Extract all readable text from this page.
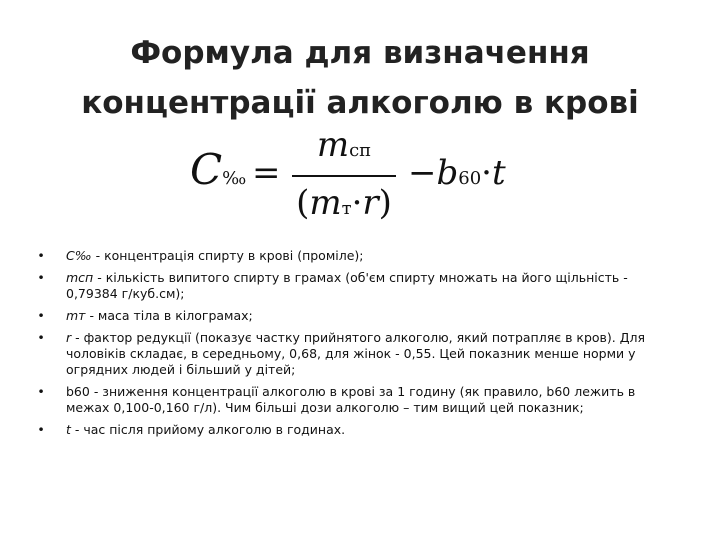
Формула для визначення
концентрації алкоголю в крові
C‰ =
mсп
(mт·r)
−b60·t
• C‰ - концентрація спирту в крові (проміле);
• mсп - кількість випитого спирту в грамах (об'єм спирту множать на його щільність - 0,79384 г/куб.см);
• mт - маса тіла в кілограмах;
• r - фактор редукції (показує частку прийнятого алкоголю, який потрапляє в кров). Для чоловіків складає, в середньому, 0,68, для жінок - 0,55. Цей показник менше норми у огрядних людей і більший у дітей;
• b60 - зниження концентрації алкоголю в крові за 1 годину (як правило, b60 лежить в межах 0,100-0,160 г/л). Чим більші дози алкоголю – тим вищий цей показник;
• t - час після прийому алкоголю в годинах.
